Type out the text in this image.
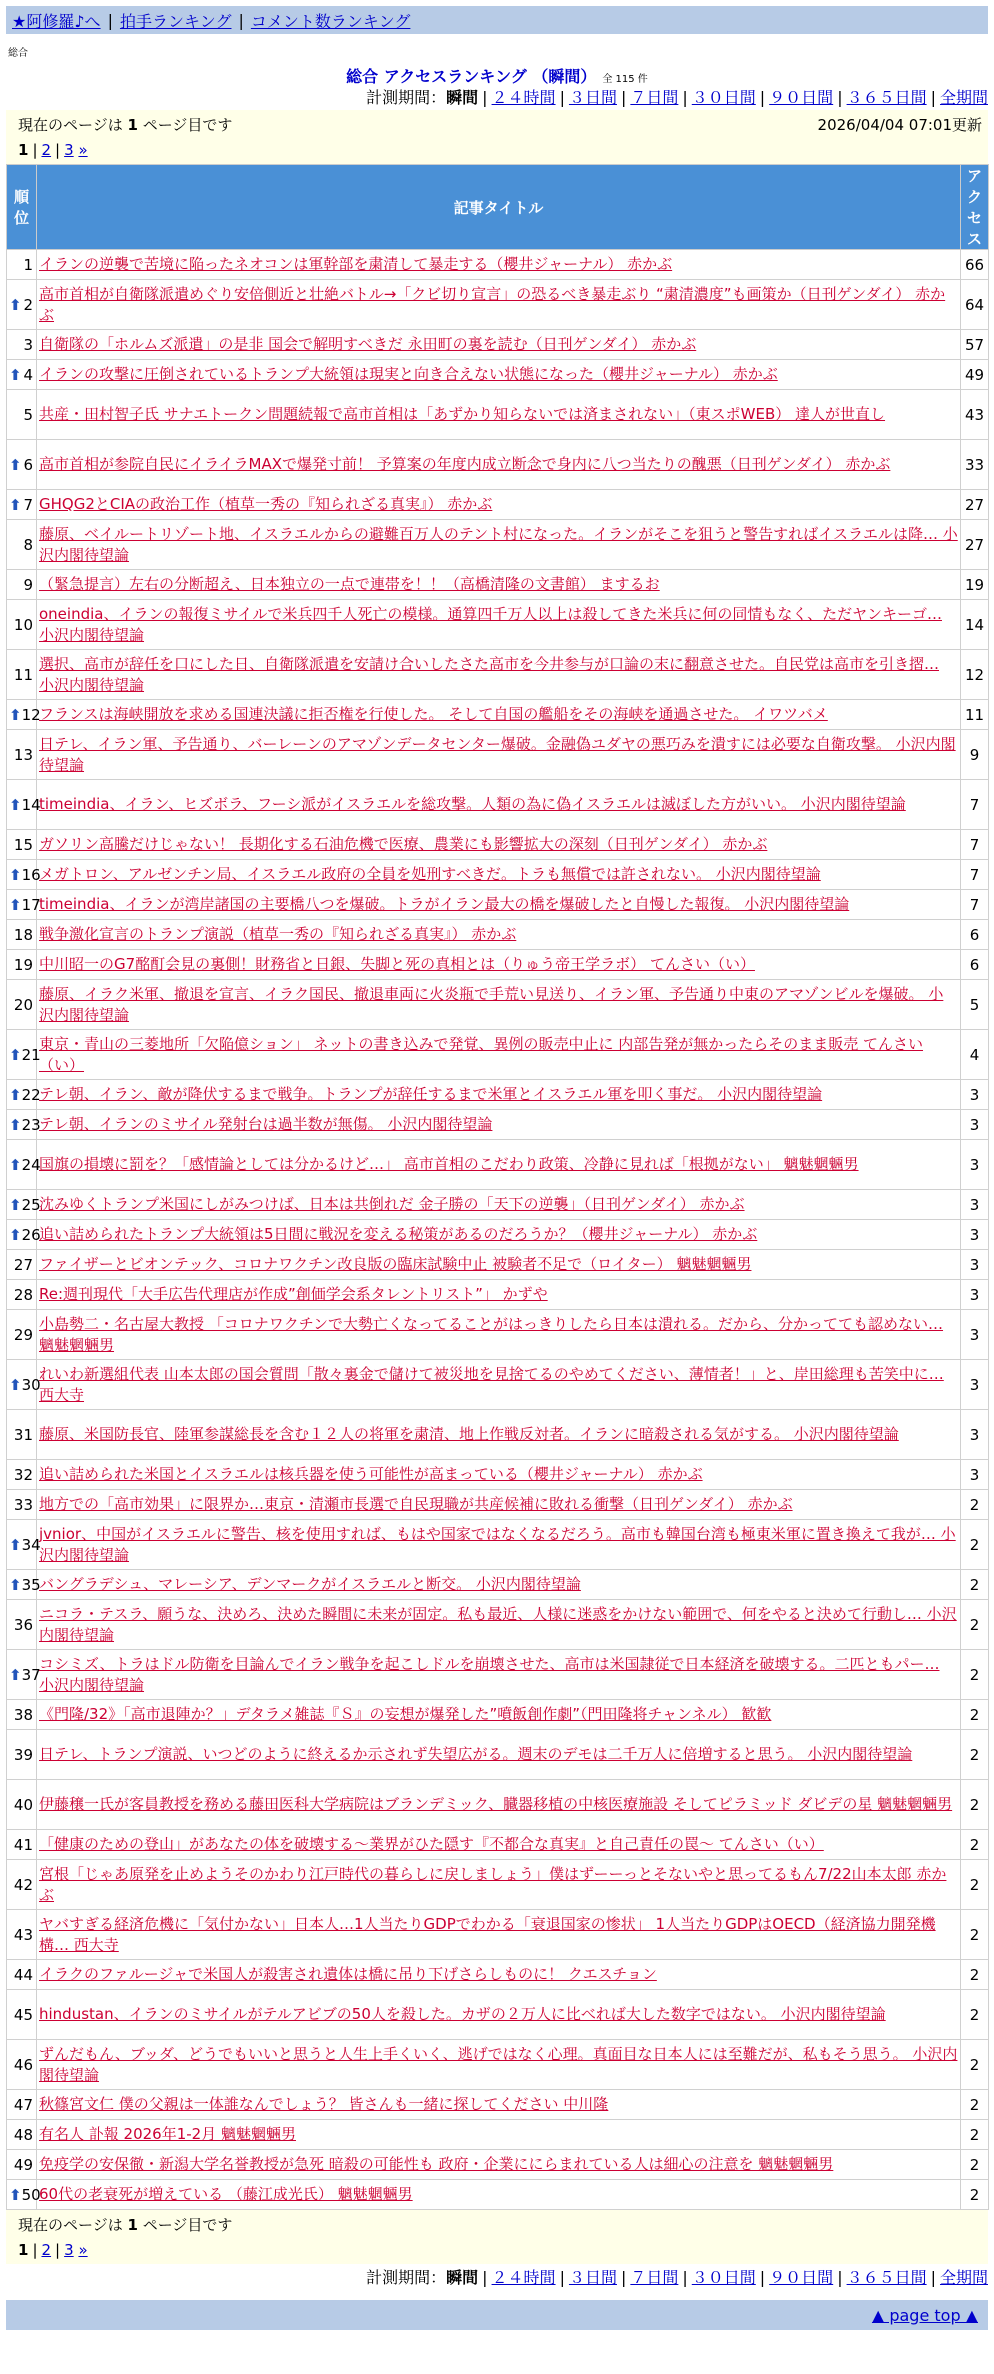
★阿修羅♪へ | 拍手ランキング | コメント数ランキング
総合
総合 アクセスランキング （瞬間） 全 115 件
計測期間：瞬間 | ２４時間 | ３日間 | ７日間 | ３０日間 | ９０日間 | ３６５日間 | 全期間
現在のページは 1 ページ目です	2026/04/04 07:01更新
1 | 2 | 3 »
順位	記事タイトル	アクセス
1	イランの逆襲で苦境に陥ったネオコンは軍幹部を粛清して暴走する（櫻井ジャーナル） 赤かぶ	66

⬆ 2	高市首相が自衛隊派遣めぐり安倍側近と壮絶バトル→「クビ切り宣言」の恐るべき暴走ぶり “粛清濃度”も画策か（日刊ゲンダイ） 赤かぶ	64
3	自衛隊の「ホルムズ派遣」の是非 国会で解明すべきだ 永田町の裏を読む（日刊ゲンダイ） 赤かぶ	57

⬆ 4	イランの攻撃に圧倒されているトランプ大統領は現実と向き合えない状態になった（櫻井ジャーナル） 赤かぶ	49
5	共産・田村智子氏 サナエトークン問題続報で高市首相は「あずかり知らないでは済まされない」（東スポWEB） 達人が世直し	43

⬆ 6	高市首相が参院自民にイライラMAXで爆発寸前！ 予算案の年度内成立断念で身内に八つ当たりの醜悪（日刊ゲンダイ） 赤かぶ	33

⬆ 7	GHQG2とCIAの政治工作（植草一秀の『知られざる真実』） 赤かぶ	27
8	藤原、ベイルートリゾート地、イスラエルからの避難百万人のテント村になった。イランがそこを狙うと警告すればイスラエルは降… 小沢内閣待望論	27
9	（緊急提言）左右の分断超え、日本独立の一点で連帯を！！（高橋清隆の文書館） まするお	19
10	oneindia、イランの報復ミサイルで米兵四千人死亡の模様。通算四千万人以上は殺してきた米兵に何の同情もなく、ただヤンキーゴ… 小沢内閣待望論	14
11	選択、高市が辞任を口にした日、自衛隊派遣を安請け合いしたさた高市を今井参与が口論の末に翻意させた。自民党は高市を引き摺… 小沢内閣待望論	12

⬆ 12	フランスは海峡開放を求める国連決議に拒否権を行使した。 そして自国の艦船をその海峡を通過させた。 イワツバメ	11
13	日テレ、イラン軍、予告通り、バーレーンのアマゾンデータセンター爆破。金融偽ユダヤの悪巧みを潰すには必要な自衛攻撃。 小沢内閣待望論	9

⬆ 14	timeindia、イラン、ヒズボラ、フーシ派がイスラエルを総攻撃。人類の為に偽イスラエルは滅ぼした方がいい。 小沢内閣待望論	7
15	ガソリン高騰だけじゃない！ 長期化する石油危機で医療、農業にも影響拡大の深刻（日刊ゲンダイ） 赤かぶ	7

⬆ 16	メガトロン、アルゼンチン局、イスラエル政府の全員を処刑すべきだ。トラも無償では許されない。 小沢内閣待望論	7

⬆ 17	timeindia、イランが湾岸諸国の主要橋八つを爆破。トラがイラン最大の橋を爆破したと自慢した報復。 小沢内閣待望論	7
18	戦争激化宣言のトランプ演説（植草一秀の『知られざる真実』） 赤かぶ	6
19	中川昭一のG7酩酊会見の裏側！財務省と日銀、失脚と死の真相とは（りゅう帝王学ラボ） てんさい（い）	6
20	藤原、イラク米軍、撤退を宣言、イラク国民、撤退車両に火炎瓶で手荒い見送り、イラン軍、予告通り中東のアマゾンビルを爆破。 小沢内閣待望論	5

⬆ 21	東京・青山の三菱地所「欠陥億ション」 ネットの書き込みで発覚、異例の販売中止に 内部告発が無かったらそのまま販売 てんさい（い）	4

⬆ 22	テレ朝、イラン、敵が降伏するまで戦争。トランプが辞任するまで米軍とイスラエル軍を叩く事だ。 小沢内閣待望論	3

⬆ 23	テレ朝、イランのミサイル発射台は過半数が無傷。 小沢内閣待望論	3

⬆ 24	国旗の損壊に罰を？「感情論としては分かるけど…」 高市首相のこだわり政策、冷静に見れば「根拠がない」 魑魅魍魎男	3

⬆ 25	沈みゆくトランプ米国にしがみつけば、日本は共倒れだ 金子勝の「天下の逆襲」（日刊ゲンダイ） 赤かぶ	3

⬆ 26	追い詰められたトランプ大統領は5日間に戦況を変える秘策があるのだろうか？（櫻井ジャーナル） 赤かぶ	3
27	ファイザーとビオンテック、コロナワクチン改良版の臨床試験中止 被験者不足で（ロイター） 魑魅魍魎男	3
28	Re:週刊現代「大手広告代理店が作成”創価学会系タレントリスト”」 かずや	3
29	小島勢二・名古屋大教授 「コロナワクチンで大勢亡くなってることがはっきりしたら日本は潰れる。だから、分かってても認めない… 魑魅魍魎男	3

⬆ 30	れいわ新選組代表 山本太郎の国会質問「散々裏金で儲けて被災地を見捨てるのやめてください、薄情者！」と、岸田総理も苦笑中に… 西大寺	3
31	藤原、米国防長官、陸軍参謀総長を含む１２人の将軍を粛清、地上作戦反対者。イランに暗殺される気がする。 小沢内閣待望論	3
32	追い詰められた米国とイスラエルは核兵器を使う可能性が高まっている（櫻井ジャーナル） 赤かぶ	3
33	地方での「高市効果」に限界か…東京・清瀬市長選で自民現職が共産候補に敗れる衝撃（日刊ゲンダイ） 赤かぶ	2

⬆ 34	jvnior、中国がイスラエルに警告、核を使用すれば、もはや国家ではなくなるだろう。高市も韓国台湾も極東米軍に置き換えて我が… 小沢内閣待望論	2

⬆ 35	バングラデシュ、マレーシア、デンマークがイスラエルと断交。 小沢内閣待望論	2
36	ニコラ・テスラ、願うな、決めろ、決めた瞬間に未来が固定。私も最近、人様に迷惑をかけない範囲で、何をやると決めて行動し… 小沢内閣待望論	2

⬆ 37	コシミズ、トラはドル防衛を目論んでイラン戦争を起こしドルを崩壊させた、高市は米国隷従で日本経済を破壊する。二匹ともパー… 小沢内閣待望論	2
38	《門隆/32》「高市退陣か？」デタラメ雑誌『Ｓ』の妄想が爆発した”噴飯創作劇”（門田隆将チャンネル） 歓歓	2
39	日テレ、トランプ演説、いつどのように終えるか示されず失望広がる。週末のデモは二千万人に倍増すると思う。 小沢内閣待望論	2
40	伊藤穣一氏が客員教授を務める藤田医科大学病院はブランデミック、臓器移植の中核医療施設 そしてピラミッド ダビデの星 魑魅魍魎男	2
41	「健康のための登山」があなたの体を破壊する～業界がひた隠す『不都合な真実』と自己責任の罠～ てんさい（い）	2
42	宮根「じゃあ原発を止めようそのかわり江戸時代の暮らしに戻しましょう」僕はずーーっとそないやと思ってるもん7/22山本太郎 赤かぶ	2
43	ヤバすぎる経済危機に「気付かない」日本人…1人当たりGDPでわかる「衰退国家の惨状」 1人当たりGDPはOECD（経済協力開発機構… 西大寺	2
44	イラクのファルージャで米国人が殺害され遺体は橋に吊り下げさらしものに！ クエスチョン	2
45	hindustan、イランのミサイルがテルアビブの50人を殺した。カザの２万人に比べれば大した数字ではない。 小沢内閣待望論	2
46	ずんだもん、ブッダ、どうでもいいと思うと人生上手くいく、逃げではなく心理。真面目な日本人には至難だが、私もそう思う。 小沢内閣待望論	2
47	秋篠宮文仁 僕の父親は一体誰なんでしょう？ 皆さんも一緒に探してください 中川隆	2
48	有名人 訃報 2026年1-2月 魑魅魍魎男	2
49	免疫学の安保徹・新潟大学名誉教授が急死 暗殺の可能性も 政府・企業ににらまれている人は細心の注意を 魑魅魍魎男	2

⬆ 50	60代の老衰死が増えている （藤江成光氏） 魑魅魍魎男	2
現在のページは 1 ページ目です
1 | 2 | 3 »
計測期間：瞬間 | ２４時間 | ３日間 | ７日間 | ３０日間 | ９０日間 | ３６５日間 | 全期間
▲ page top ▲
